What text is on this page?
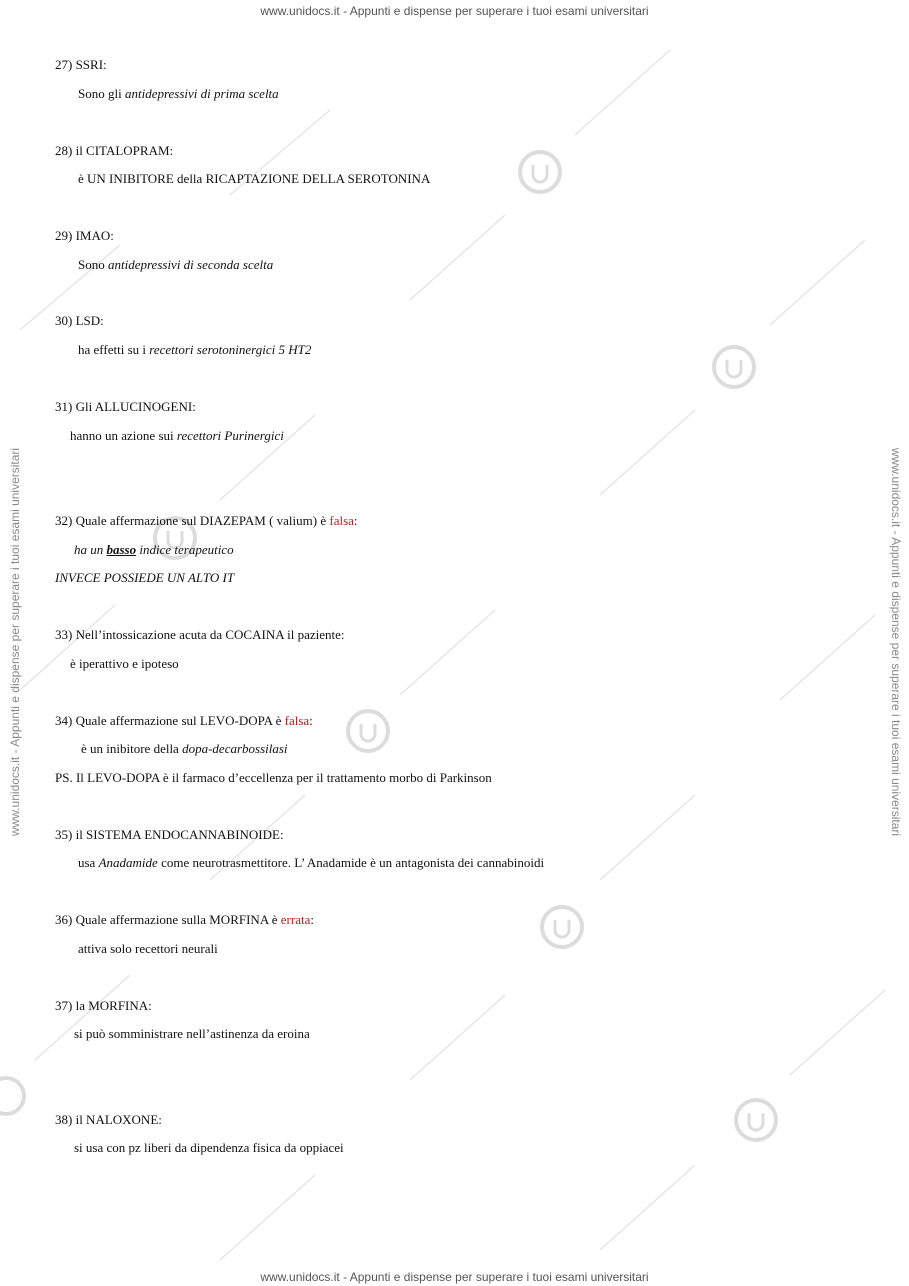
www.unidocs.it - Appunti e dispense per superare i tuoi esami universitari
www.unidocs.it - Appunti e dispense per superare i tuoi esami universitari
www.unidocs.it - Appunti e dispense per superare i tuoi esami universitari	www.unidocs.it - Appunti e dispense per superare i tuoi esami universitari
27) SSRI:
Sono gli antidepressivi di prima scelta
28) il CITALOPRAM:
è UN INIBITORE della RICAPTAZIONE DELLA SEROTONINA
29) IMAO:
Sono antidepressivi di seconda scelta
30) LSD:
ha effetti su i recettori serotoninergici 5 HT2
31) Gli ALLUCINOGENI:
hanno un azione sui recettori Purinergici
32) Quale affermazione sul DIAZEPAM ( valium) è falsa:
ha un basso indice terapeutico
INVECE POSSIEDE UN ALTO IT
33) Nell’intossicazione acuta da COCAINA il paziente:
è iperattivo e ipoteso
34) Quale affermazione sul LEVO-DOPA è falsa:
è un inibitore della dopa-decarbossilasi
PS. Il LEVO-DOPA è il farmaco d’eccellenza per il trattamento morbo di Parkinson
35) il SISTEMA ENDOCANNABINOIDE:
usa Anadamide come neurotrasmettitore. L’ Anadamide è un antagonista dei cannabinoidi
36) Quale affermazione sulla MORFINA è errata:
attiva solo recettori neurali
37) la MORFINA:
si può somministrare nell’astinenza da eroina
38) il NALOXONE:
si usa con pz liberi da dipendenza fisica da oppiacei
